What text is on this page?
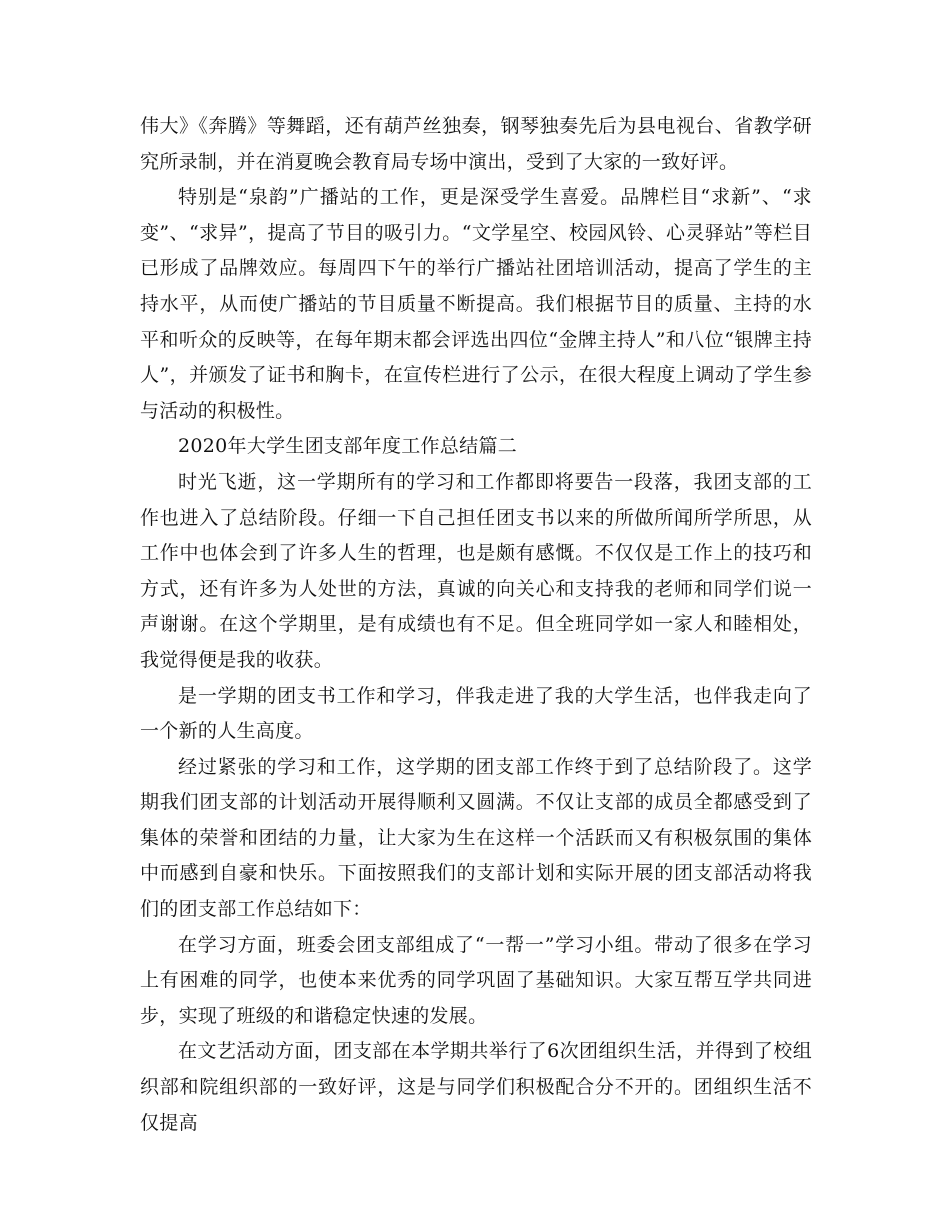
伟大》《奔腾》等舞蹈，还有葫芦丝独奏，钢琴独奏先后为县电视台、省教学研究所录制，并在消夏晚会教育局专场中演出，受到了大家的一致好评。

特别是“泉韵”广播站的工作，更是深受学生喜爱。品牌栏目“求新”、“求变”、“求异”，提高了节目的吸引力。“文学星空、校园风铃、心灵驿站”等栏目已形成了品牌效应。每周四下午的举行广播站社团培训活动，提高了学生的主持水平，从而使广播站的节目质量不断提高。我们根据节目的质量、主持的水平和听众的反映等，在每年期末都会评选出四位“金牌主持人”和八位“银牌主持人”，并颁发了证书和胸卡，在宣传栏进行了公示，在很大程度上调动了学生参与活动的积极性。

2020年大学生团支部年度工作总结篇二

时光飞逝，这一学期所有的学习和工作都即将要告一段落，我团支部的工作也进入了总结阶段。仔细一下自己担任团支书以来的所做所闻所学所思，从工作中也体会到了许多人生的哲理，也是颇有感慨。不仅仅是工作上的技巧和方式，还有许多为人处世的方法，真诚的向关心和支持我的老师和同学们说一声谢谢。在这个学期里，是有成绩也有不足。但全班同学如一家人和睦相处，我觉得便是我的收获。

是一学期的团支书工作和学习，伴我走进了我的大学生活，也伴我走向了一个新的人生高度。

经过紧张的学习和工作，这学期的团支部工作终于到了总结阶段了。这学期我们团支部的计划活动开展得顺利又圆满。不仅让支部的成员全都感受到了集体的荣誉和团结的力量，让大家为生在这样一个活跃而又有积极氛围的集体中而感到自豪和快乐。下面按照我们的支部计划和实际开展的团支部活动将我们的团支部工作总结如下：

在学习方面，班委会团支部组成了“一帮一”学习小组。带动了很多在学习上有困难的同学，也使本来优秀的同学巩固了基础知识。大家互帮互学共同进步，实现了班级的和谐稳定快速的发展。

在文艺活动方面，团支部在本学期共举行了6次团组织生活，并得到了校组织部和院组织部的一致好评，这是与同学们积极配合分不开的。团组织生活不仅提高
